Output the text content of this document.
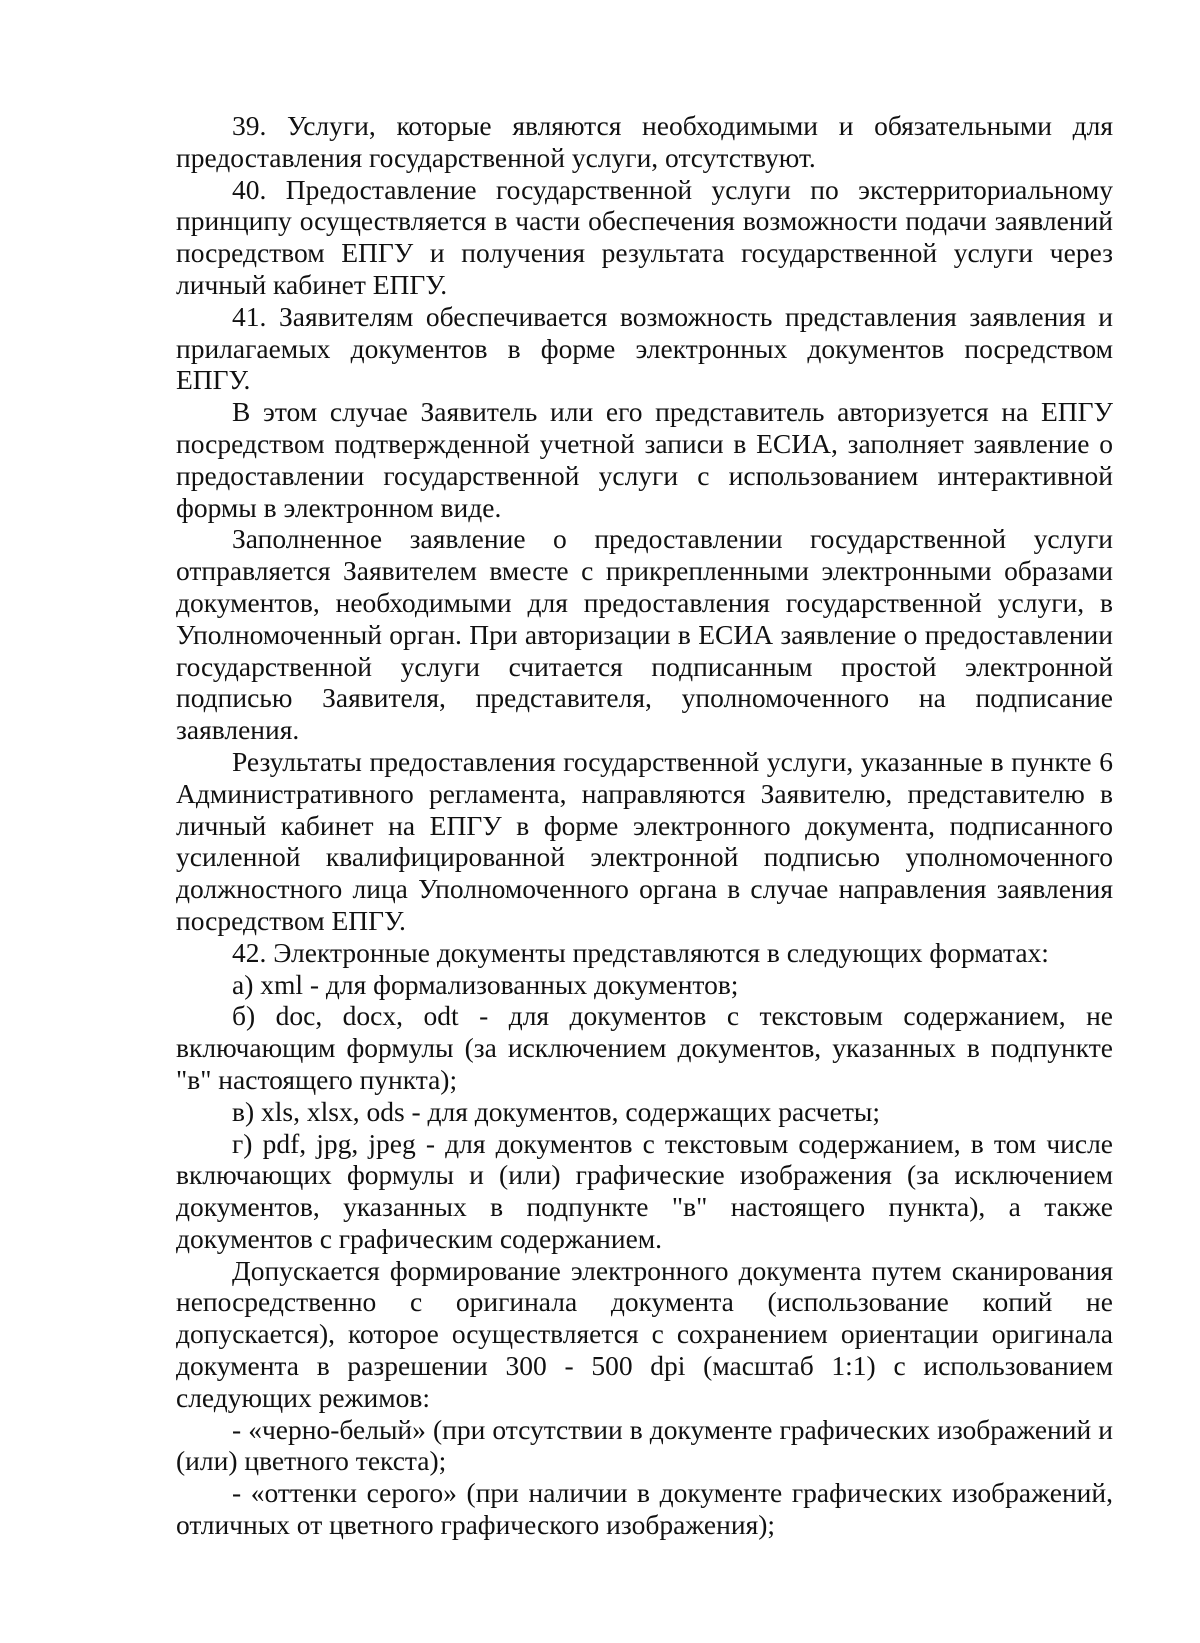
39. Услуги, которые являются необходимыми и обязательными для предоставления государственной услуги, отсутствуют.

40. Предоставление государственной услуги по экстерриториальному принципу осуществляется в части обеспечения возможности подачи заявлений посредством ЕПГУ и получения результата государственной услуги через личный кабинет ЕПГУ.

41. Заявителям обеспечивается возможность представления заявления и прилагаемых документов в форме электронных документов посредством ЕПГУ.

В этом случае Заявитель или его представитель авторизуется на ЕПГУ посредством подтвержденной учетной записи в ЕСИА, заполняет заявление о предоставлении государственной услуги с использованием интерактивной формы в электронном виде.

Заполненное заявление о предоставлении государственной услуги отправляется Заявителем вместе с прикрепленными электронными образами документов, необходимыми для предоставления государственной услуги, в Уполномоченный орган. При авторизации в ЕСИА заявление о предоставлении государственной услуги считается подписанным простой электронной подписью Заявителя, представителя, уполномоченного на подписание заявления.

Результаты предоставления государственной услуги, указанные в пункте 6 Административного регламента, направляются Заявителю, представителю в личный кабинет на ЕПГУ в форме электронного документа, подписанного усиленной квалифицированной электронной подписью уполномоченного должностного лица Уполномоченного органа в случае направления заявления посредством ЕПГУ.

42. Электронные документы представляются в следующих форматах:

а) xml - для формализованных документов;

б) doc, docx, odt - для документов с текстовым содержанием, не включающим формулы (за исключением документов, указанных в подпункте "в" настоящего пункта);

в) xls, xlsx, ods - для документов, содержащих расчеты;

г) pdf, jpg, jpeg - для документов с текстовым содержанием, в том числе включающих формулы и (или) графические изображения (за исключением документов, указанных в подпункте "в" настоящего пункта), а также документов с графическим содержанием.

Допускается формирование электронного документа путем сканирования непосредственно с оригинала документа (использование копий не допускается), которое осуществляется с сохранением ориентации оригинала документа в разрешении 300 - 500 dpi (масштаб 1:1) с использованием следующих режимов:

- «черно-белый» (при отсутствии в документе графических изображений и (или) цветного текста);

- «оттенки серого» (при наличии в документе графических изображений, отличных от цветного графического изображения);
